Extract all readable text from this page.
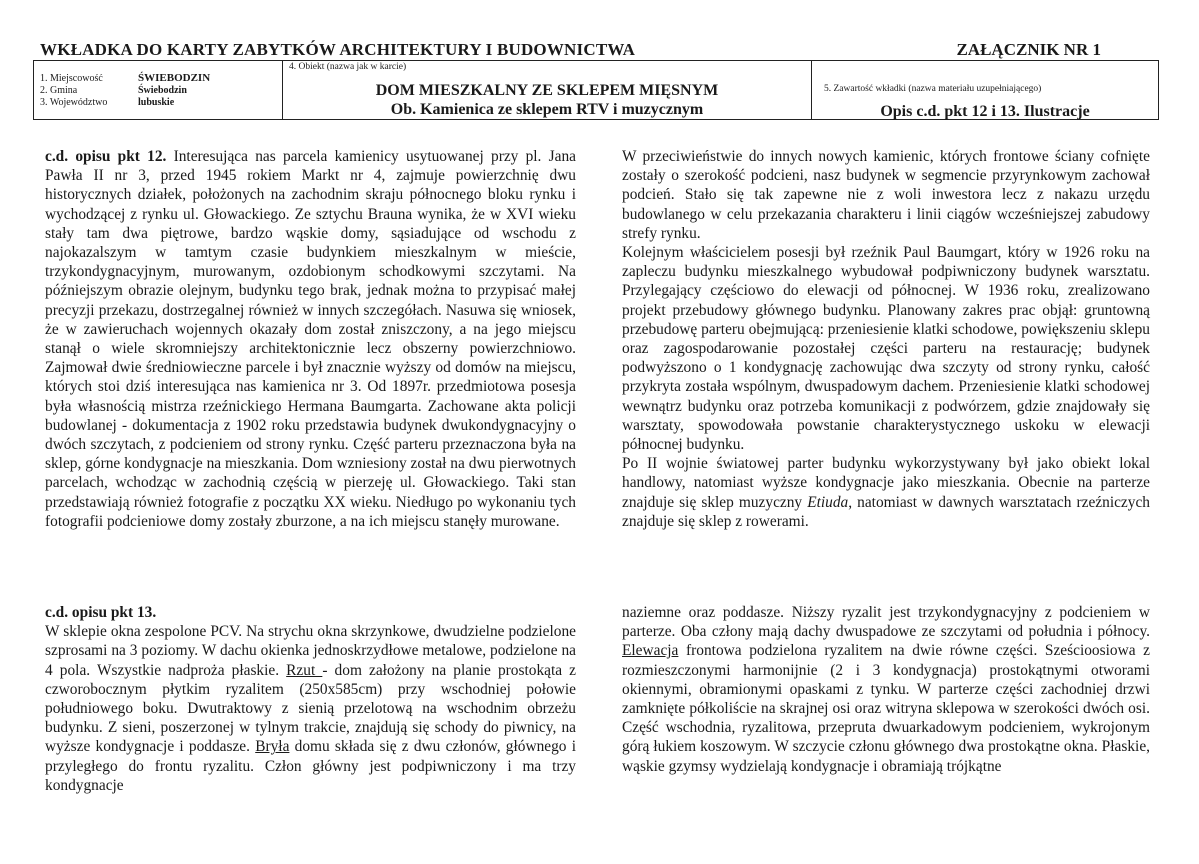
WKŁADKA DO KARTY ZABYTKÓW ARCHITEKTURY I BUDOWNICTWA	ZAŁĄCZNIK NR 1
1. Miejscowość	ŚWIEBODZIN
2. Gmina	Świebodzin
3. Województwo	lubuskie
4. Obiekt (nazwa jak w karcie)
DOM MIESZKALNY ZE SKLEPEM MIĘSNYM
Ob. Kamienica ze sklepem RTV i muzycznym
5. Zawartość wkładki (nazwa materiału uzupełniającego)
Opis c.d. pkt 12 i 13. Ilustracje

c.d. opisu pkt 12. Interesująca nas parcela kamienicy usytuowanej przy pl. Jana Pawła II nr 3, przed 1945 rokiem Markt nr 4, zajmuje powierzchnię dwu historycznych działek, położonych na zachodnim skraju północnego bloku rynku i wychodzącej z rynku ul. Głowackiego. Ze sztychu Brauna wynika, że w XVI wieku stały tam dwa piętrowe, bardzo wąskie domy, sąsiadujące od wschodu z najokazalszym w tamtym czasie budynkiem mieszkalnym w mieście, trzykondygnacyjnym, murowanym, ozdobionym schodkowymi szczytami. Na późniejszym obrazie olejnym, budynku tego brak, jednak można to przypisać małej precyzji przekazu, dostrzegalnej również w innych szczegółach. Nasuwa się wniosek, że w zawieruchach wojennych okazały dom został zniszczony, a na jego miejscu stanął o wiele skromniejszy architektonicznie lecz obszerny powierzchniowo. Zajmował dwie średniowieczne parcele i był znacznie wyższy od domów na miejscu, których stoi dziś interesująca nas kamienica nr 3. Od 1897r. przedmiotowa posesja była własnością mistrza rzeźnickiego Hermana Baumgarta. Zachowane akta policji budowlanej - dokumentacja z 1902 roku przedstawia budynek dwukondygnacyjny o dwóch szczytach, z podcieniem od strony rynku. Część parteru przeznaczona była na sklep, górne kondygnacje na mieszkania. Dom wzniesiony został na dwu pierwotnych parcelach, wchodząc w zachodnią częścią w pierzeję ul. Głowackiego. Taki stan przedstawiają również fotografie z początku XX wieku. Niedługo po wykonaniu tych fotografii podcieniowe domy zostały zburzone, a na ich miejscu stanęły murowane.

c.d. opisu pkt 13.

W sklepie okna zespolone PCV. Na strychu okna skrzynkowe, dwudzielne podzielone szprosami na 3 poziomy. W dachu okienka jednoskrzydłowe metalowe, podzielone na 4 pola. Wszystkie nadproża płaskie. Rzut - dom założony na planie prostokąta z czworobocznym płytkim ryzalitem (250x585cm) przy wschodniej połowie południowego boku. Dwutraktowy z sienią przelotową na wschodnim obrzeżu budynku. Z sieni, poszerzonej w tylnym trakcie, znajdują się schody do piwnicy, na wyższe kondygnacje i poddasze. Bryła domu składa się z dwu członów, głównego i przyległego do frontu ryzalitu. Człon główny jest podpiwniczony i ma trzy kondygnacje

W przeciwieństwie do innych nowych kamienic, których frontowe ściany cofnięte zostały o szerokość podcieni, nasz budynek w segmencie przyrynkowym zachował podcień. Stało się tak zapewne nie z woli inwestora lecz z nakazu urzędu budowlanego w celu przekazania charakteru i linii ciągów wcześniejszej zabudowy strefy rynku.

Kolejnym właścicielem posesji był rzeźnik Paul Baumgart, który w 1926 roku na zapleczu budynku mieszkalnego wybudował podpiwniczony budynek warsztatu. Przylegający częściowo do elewacji od północnej. W 1936 roku, zrealizowano projekt przebudowy głównego budynku. Planowany zakres prac objął: gruntowną przebudowę parteru obejmującą: przeniesienie klatki schodowe, powiększeniu sklepu oraz zagospodarowanie pozostałej części parteru na restaurację; budynek podwyższono o 1 kondygnację zachowując dwa szczyty od strony rynku, całość przykryta została wspólnym, dwuspadowym dachem. Przeniesienie klatki schodowej wewnątrz budynku oraz potrzeba komunikacji z podwórzem, gdzie znajdowały się warsztaty, spowodowała powstanie charakterystycznego uskoku w elewacji północnej budynku.

Po II wojnie światowej parter budynku wykorzystywany był jako obiekt lokal handlowy, natomiast wyższe kondygnacje jako mieszkania. Obecnie na parterze znajduje się sklep muzyczny Etiuda, natomiast w dawnych warsztatach rzeźniczych znajduje się sklep z rowerami.

naziemne oraz poddasze. Niższy ryzalit jest trzykondygnacyjny z podcieniem w parterze. Oba człony mają dachy dwuspadowe ze szczytami od południa i północy. Elewacja frontowa podzielona ryzalitem na dwie równe części. Sześcioosiowa z rozmieszczonymi harmonijnie (2 i 3 kondygnacja) prostokątnymi otworami okiennymi, obramionymi opaskami z tynku. W parterze części zachodniej drzwi zamknięte półkoliście na skrajnej osi oraz witryna sklepowa w szerokości dwóch osi. Część wschodnia, ryzalitowa, przepruta dwuarkadowym podcieniem, wykrojonym górą łukiem koszowym. W szczycie członu głównego dwa prostokątne okna. Płaskie, wąskie gzymsy wydzielają kondygnacje i obramiają trójkątne
